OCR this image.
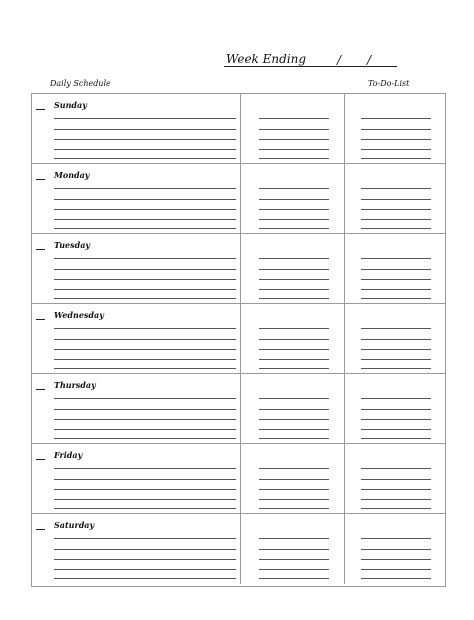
Week Ending	/ /
Daily Schedule	To-Do-List
Sunday
Monday
Tuesday
Wednesday
Thursday
Friday
Saturday
